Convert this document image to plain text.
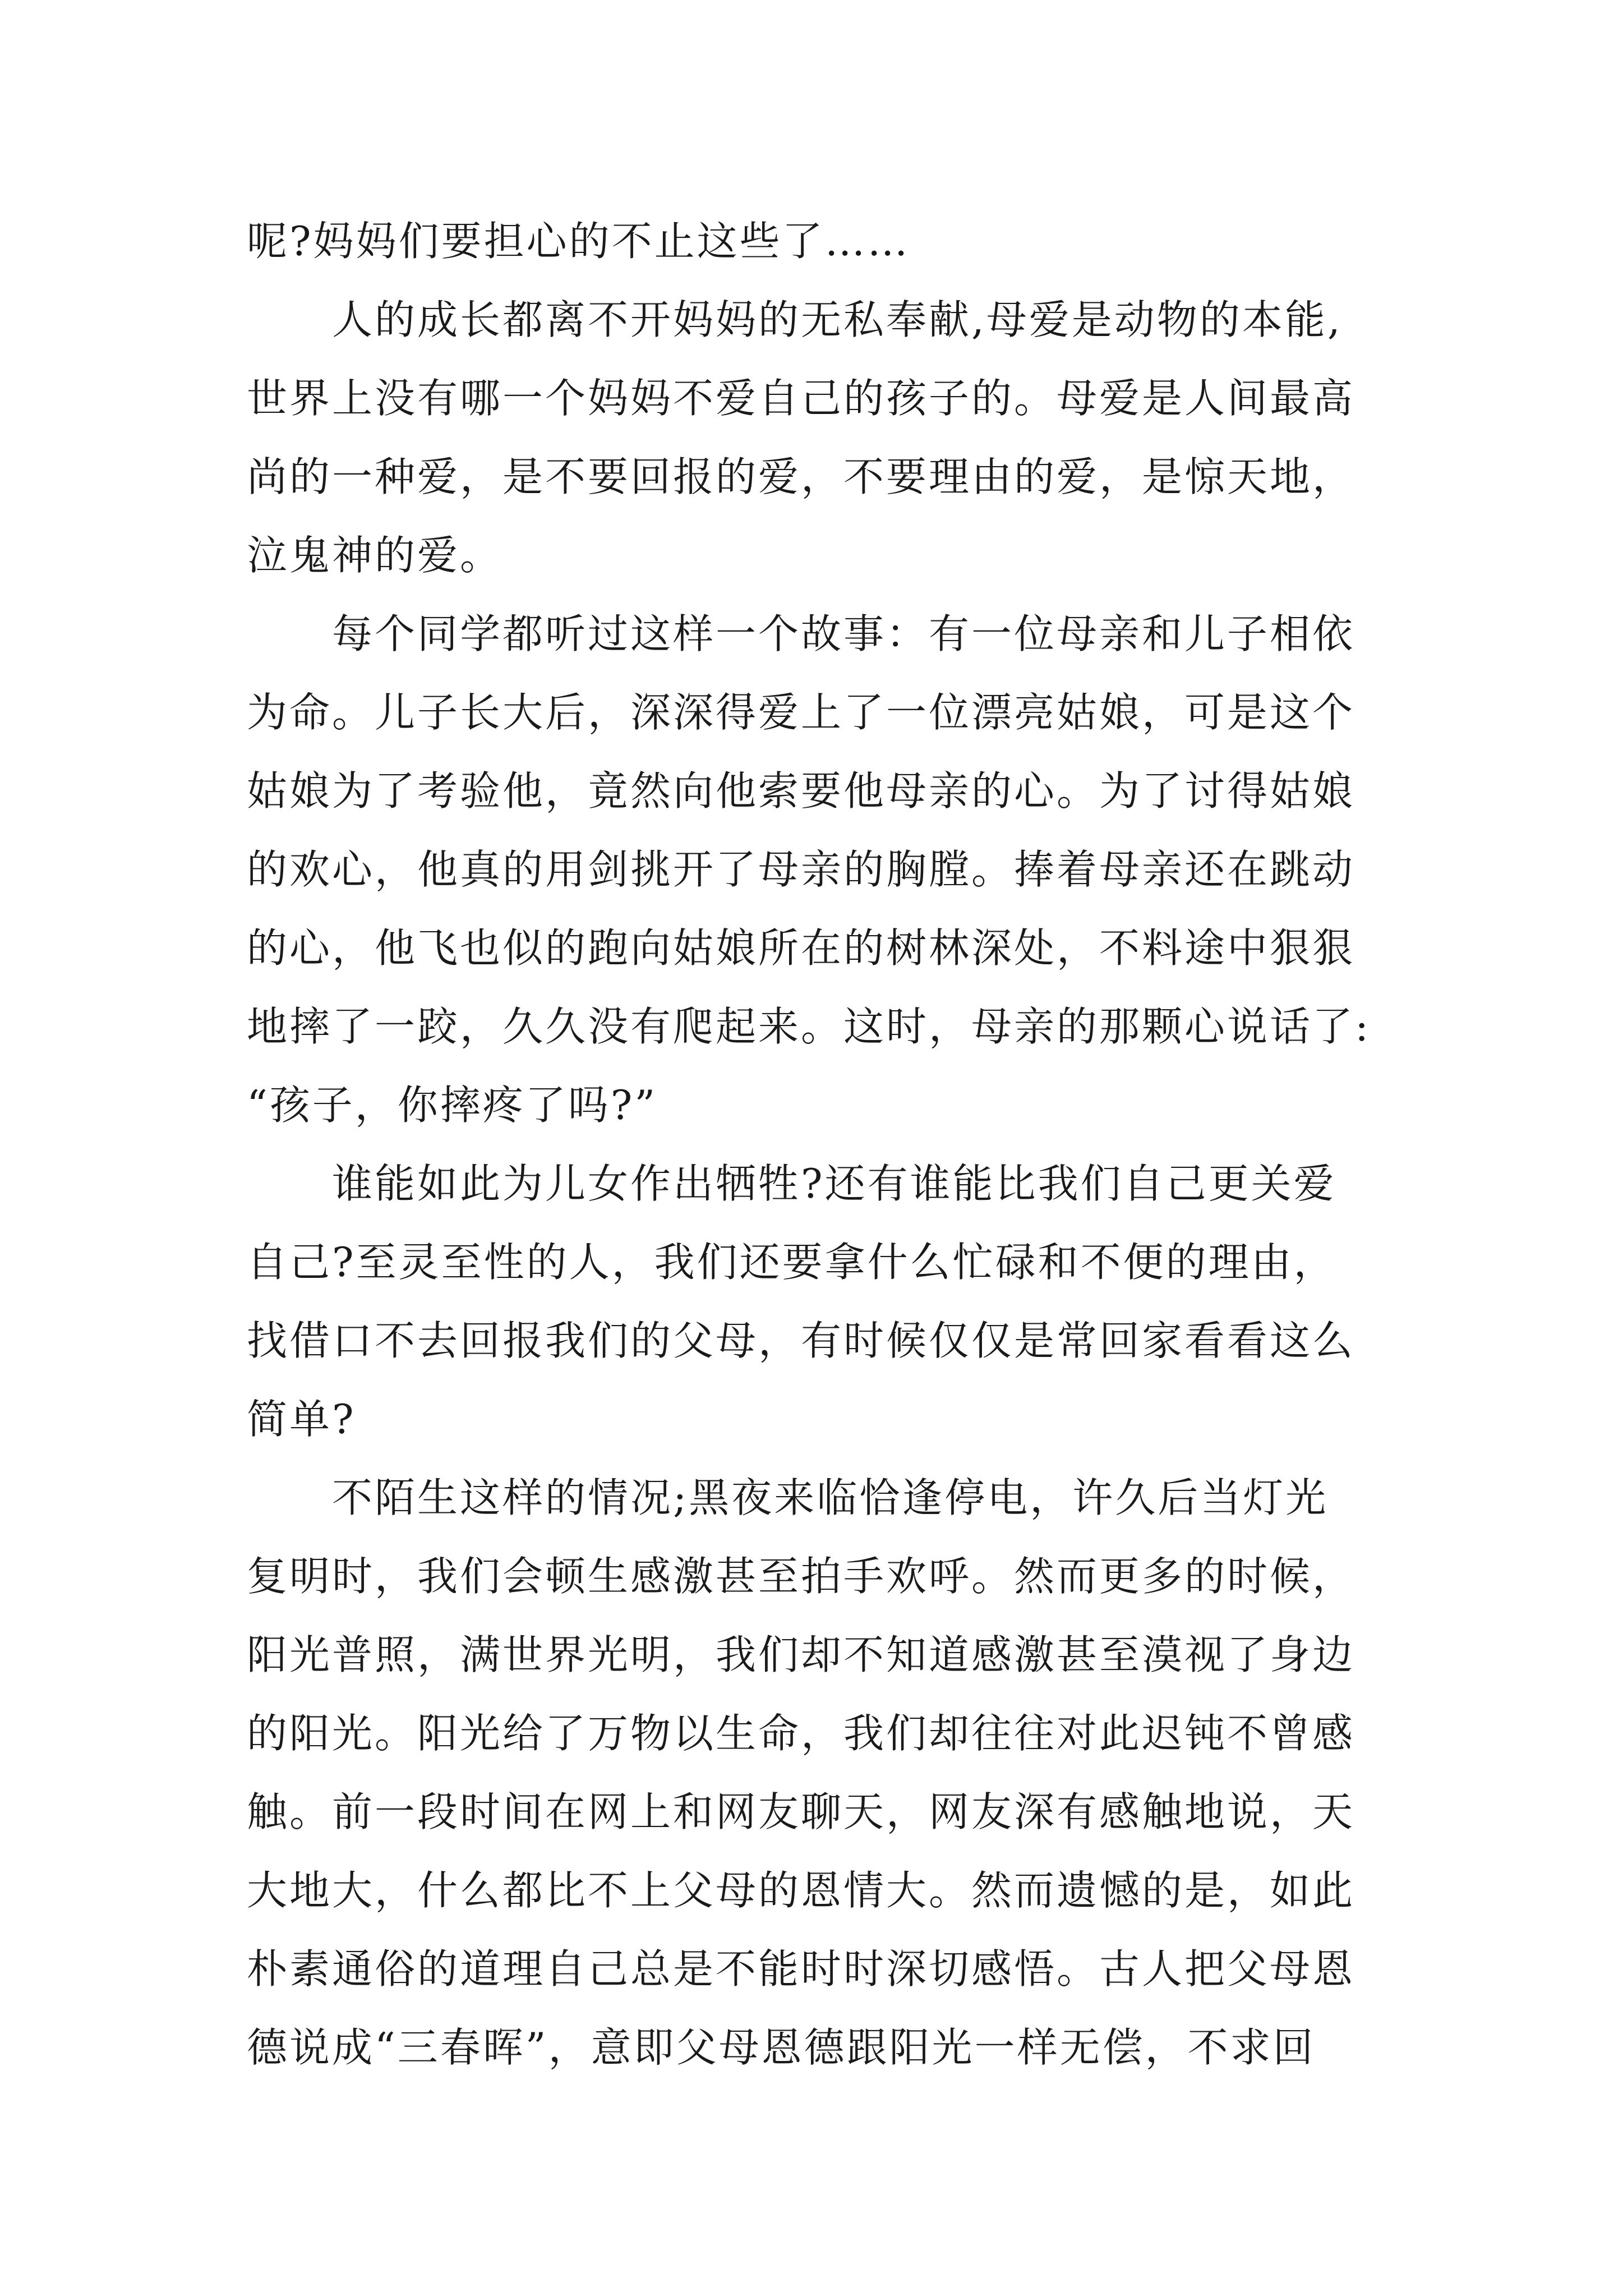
呢?妈妈们要担心的不止这些了……
人的成长都离不开妈妈的无私奉献,母爱是动物的本能,
世界上没有哪一个妈妈不爱自己的孩子的。母爱是人间最高
尚的一种爱，是不要回报的爱，不要理由的爱，是惊天地，
泣鬼神的爱。
每个同学都听过这样一个故事：有一位母亲和儿子相依
为命。儿子长大后，深深得爱上了一位漂亮姑娘，可是这个
姑娘为了考验他，竟然向他索要他母亲的心。为了讨得姑娘
的欢心，他真的用剑挑开了母亲的胸膛。捧着母亲还在跳动
的心，他飞也似的跑向姑娘所在的树林深处，不料途中狠狠
地摔了一跤，久久没有爬起来。这时，母亲的那颗心说话了:
“孩子，你摔疼了吗?”
谁能如此为儿女作出牺牲?还有谁能比我们自己更关爱
自己?至灵至性的人，我们还要拿什么忙碌和不便的理由，
找借口不去回报我们的父母，有时候仅仅是常回家看看这么
简单?
不陌生这样的情况;黑夜来临恰逢停电，许久后当灯光
复明时，我们会顿生感激甚至拍手欢呼。然而更多的时候，
阳光普照，满世界光明，我们却不知道感激甚至漠视了身边
的阳光。阳光给了万物以生命，我们却往往对此迟钝不曾感
触。前一段时间在网上和网友聊天，网友深有感触地说，天
大地大，什么都比不上父母的恩情大。然而遗憾的是，如此
朴素通俗的道理自己总是不能时时深切感悟。古人把父母恩
德说成“三春晖”，意即父母恩德跟阳光一样无偿，不求回
